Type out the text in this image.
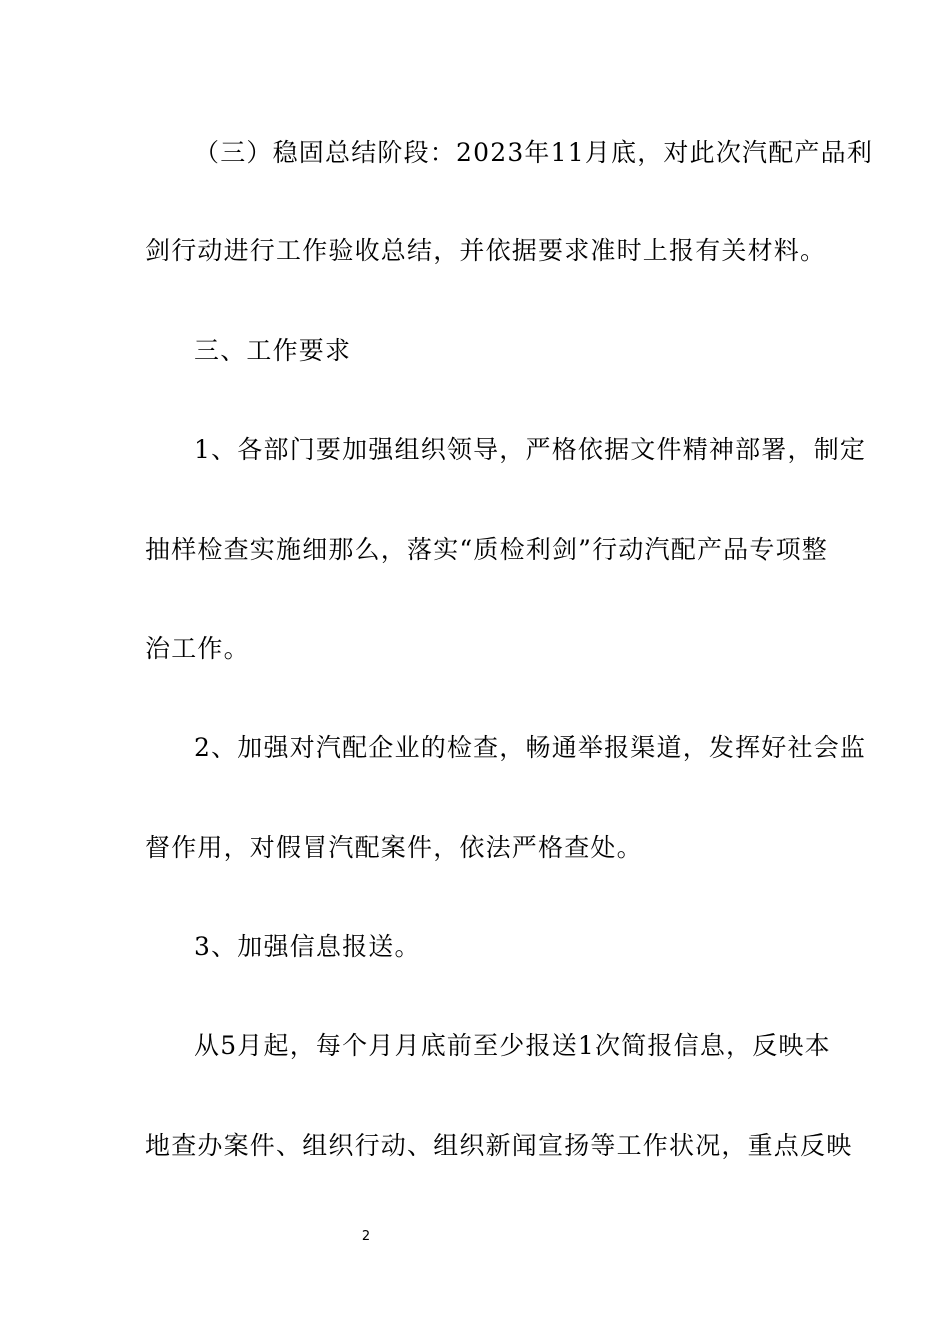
（三）稳固总结阶段：2023年11月底，对此次汽配产品利
剑行动进行工作验收总结，并依据要求准时上报有关材料。
三、工作要求
1、各部门要加强组织领导，严格依据文件精神部署，制定
抽样检查实施细那么，落实“质检利剑”行动汽配产品专项整
治工作。
2、加强对汽配企业的检查，畅通举报渠道，发挥好社会监
督作用，对假冒汽配案件，依法严格查处。
3、加强信息报送。
从5月起，每个月月底前至少报送1次简报信息，反映本
地查办案件、组织行动、组织新闻宣扬等工作状况，重点反映
2
